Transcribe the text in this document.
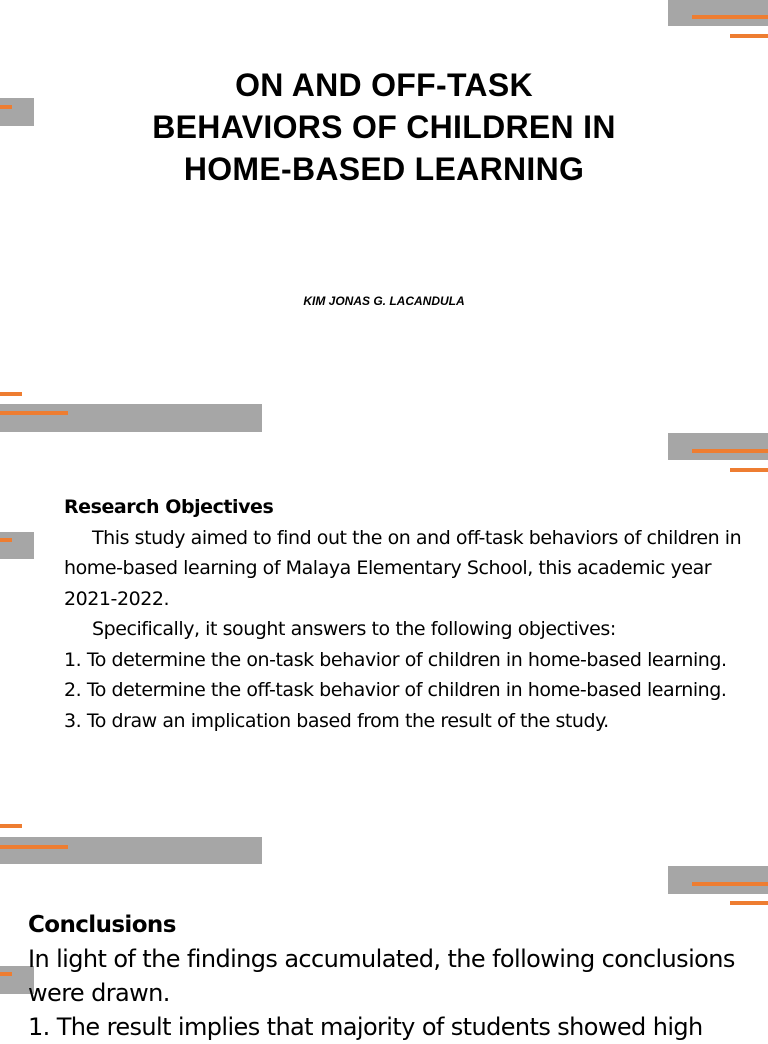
ON AND OFF-TASK
BEHAVIORS OF CHILDREN IN
HOME-BASED LEARNING
KIM JONAS G. LACANDULA

Research Objectives

This study aimed to find out the on and off-task behaviors of children in home-based learning of Malaya Elementary School, this academic year 2021-2022.

Specifically, it sought answers to the following objectives:

1. To determine the on-task behavior of children in home-based learning.

2. To determine the off-task behavior of children in home-based learning.

3. To draw an implication based from the result of the study.

Conclusions

In light of the findings accumulated, the following conclusions were drawn.

1. The result implies that majority of students showed high
